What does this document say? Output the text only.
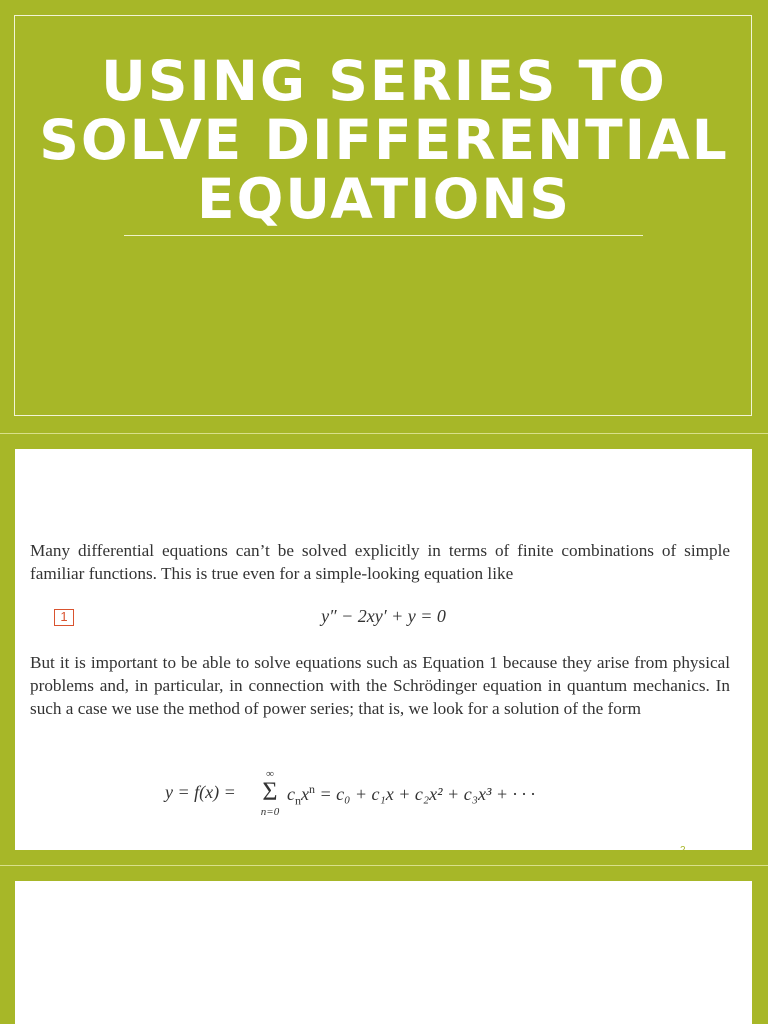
USING SERIES TO SOLVE DIFFERENTIAL EQUATIONS

Many differential equations can’t be solved explicitly in terms of finite combinations of simple familiar functions. This is true even for a simple-looking equation like

1	y″ − 2xy′ + y = 0

But it is important to be able to solve equations such as Equation 1 because they arise from physical problems and, in particular, in connection with the Schrödinger equation in quantum mechanics. In such a case we use the method of power series; that is, we look for a solution of the form

y = f(x) =
∞
Σ
n=0
$c_nx^n = c_0 + c_1x + c_2x^2 + c_3x^3$ + · · ·
2
